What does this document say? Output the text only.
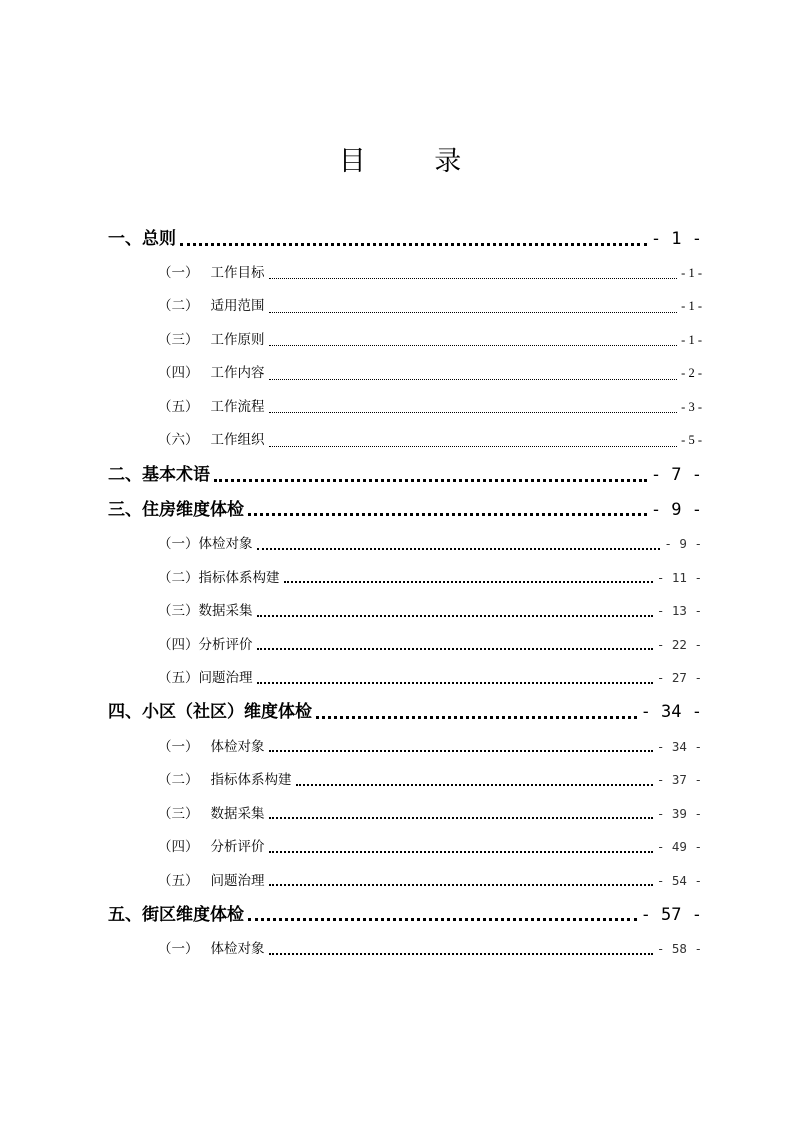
目 录
一、 总则	- 1 -
（一） 工作目标	- 1 -
（二） 适用范围	- 1 -
（三） 工作原则	- 1 -
（四） 工作内容	- 2 -
（五） 工作流程	- 3 -
（六） 工作组织	- 5 -
二、 基本术语	- 7 -
三、 住房维度体检	- 9 -
（一） 体检对象	- 9 -
（二） 指标体系构建	- 11 -
（三） 数据采集	- 13 -
（四） 分析评价	- 22 -
（五） 问题治理	- 27 -
四、 小区（社区）维度体检	- 34 -
（一） 体检对象	- 34 -
（二） 指标体系构建	- 37 -
（三） 数据采集	- 39 -
（四） 分析评价	- 49 -
（五） 问题治理	- 54 -
五、 街区维度体检	- 57 -
（一） 体检对象	- 58 -
